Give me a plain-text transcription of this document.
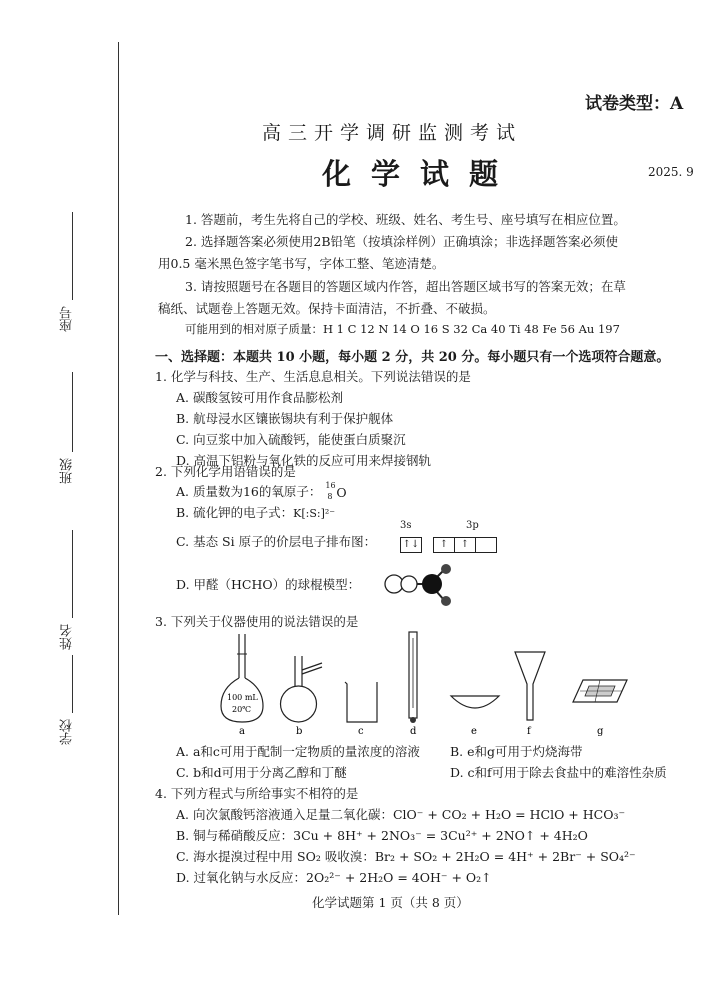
座号
班级
姓名
学校
试卷类型：A
高三开学调研监测考试
化学试题	2025. 9
1. 答题前，考生先将自己的学校、班级、姓名、考生号、座号填写在相应位置。
2. 选择题答案必须使用2B铅笔（按填涂样例）正确填涂；非选择题答案必须使
用0.5 毫米黑色签字笔书写，字体工整、笔迹清楚。
3. 请按照题号在各题目的答题区域内作答，超出答题区域书写的答案无效；在草
稿纸、试题卷上答题无效。保持卡面清洁，不折叠、不破损。
可能用到的相对原子质量：H 1 C 12 N 14 O 16 S 32 Ca 40 Ti 48 Fe 56 Au 197
一、选择题：本题共 10 小题，每小题 2 分，共 20 分。每小题只有一个选项符合题意。
1. 化学与科技、生产、生活息息相关。下列说法错误的是
A. 碳酸氢铵可用作食品膨松剂
B. 航母浸水区镶嵌锡块有利于保护舰体
C. 向豆浆中加入硫酸钙，能使蛋白质聚沉
D. 高温下铝粉与氧化铁的反应可用来焊接钢轨
2. 下列化学用语错误的是
A. 质量数为16的氧原子： 16
8 O
B. 硫化钾的电子式：K[:S:]²⁻
C. 基态 Si 原子的价层电子排布图：
3s	3p
↑↓ ↑ ↑
D. 甲醛（HCHO）的球棍模型：
3. 下列关于仪器使用的说法错误的是
100 mL
20℃
a	b	c	d	e	f	g
A. a和c可用于配制一定物质的量浓度的溶液 B. e和g可用于灼烧海带
C. b和d可用于分离乙醇和丁醚	D. c和f可用于除去食盐中的难溶性杂质
4. 下列方程式与所给事实不相符的是
A. 向次氯酸钙溶液通入足量二氧化碳：ClO⁻ + CO₂ + H₂O = HClO + HCO₃⁻
B. 铜与稀硝酸反应：3Cu + 8H⁺ + 2NO₃⁻ = 3Cu²⁺ + 2NO↑ + 4H₂O
C. 海水提溴过程中用 SO₂ 吸收溴：Br₂ + SO₂ + 2H₂O = 4H⁺ + 2Br⁻ + SO₄²⁻
D. 过氧化钠与水反应：2O₂²⁻ + 2H₂O = 4OH⁻ + O₂↑
化学试题第 1 页（共 8 页）
